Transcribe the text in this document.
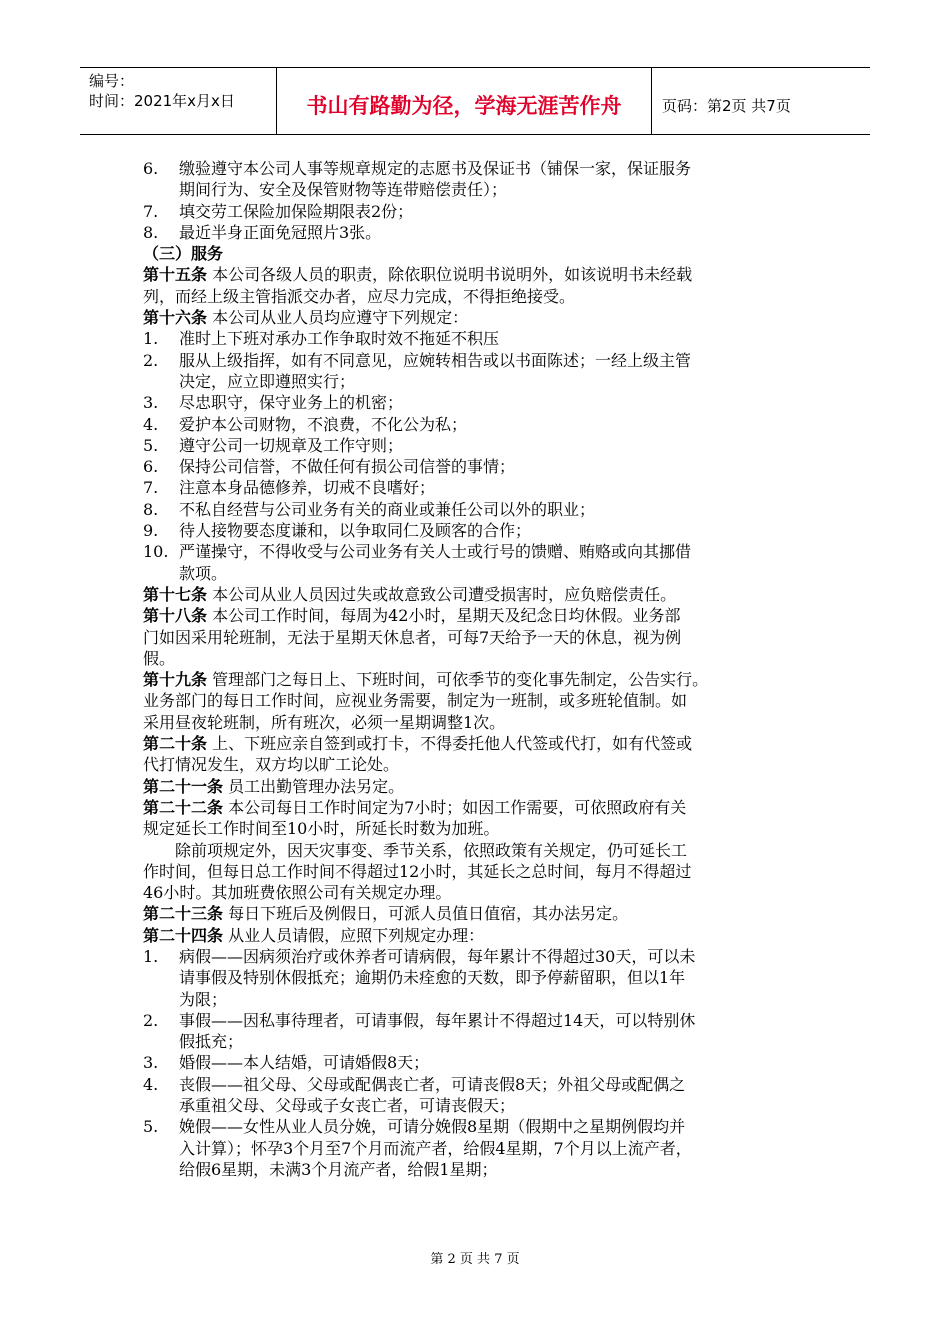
编号：
时间：2021年x月x日	书山有路勤为径，学海无涯苦作舟	页码：第2页 共7页
6.	缴验遵守本公司人事等规章规定的志愿书及保证书（铺保一家，保证服务
期间行为、安全及保管财物等连带赔偿责任）；
7.	填交劳工保险加保险期限表2份；
8.	最近半身正面免冠照片3张。

（三）服务

第十五条 本公司各级人员的职责，除依职位说明书说明外，如该说明书未经载

列，而经上级主管指派交办者，应尽力完成，不得拒绝接受。

第十六条 本公司从业人员均应遵守下列规定：

1.	准时上下班对承办工作争取时效不拖延不积压
2.	服从上级指挥，如有不同意见，应婉转相告或以书面陈述；一经上级主管
决定，应立即遵照实行；
3.	尽忠职守，保守业务上的机密；
4.	爱护本公司财物，不浪费，不化公为私；
5.	遵守公司一切规章及工作守则；
6.	保持公司信誉，不做任何有损公司信誉的事情；
7.	注意本身品德修养，切戒不良嗜好；
8.	不私自经营与公司业务有关的商业或兼任公司以外的职业；
9.	待人接物要态度谦和，以争取同仁及顾客的合作；
10. 严谨操守，不得收受与公司业务有关人士或行号的馈赠、贿赂或向其挪借
款项。

第十七条 本公司从业人员因过失或故意致公司遭受损害时，应负赔偿责任。

第十八条 本公司工作时间，每周为42小时，星期天及纪念日均休假。业务部

门如因采用轮班制，无法于星期天休息者，可每7天给予一天的休息，视为例

假。

第十九条 管理部门之每日上、下班时间，可依季节的变化事先制定，公告实行。

业务部门的每日工作时间，应视业务需要，制定为一班制，或多班轮值制。如

采用昼夜轮班制，所有班次，必须一星期调整1次。

第二十条 上、下班应亲自签到或打卡，不得委托他人代签或代打，如有代签或

代打情况发生，双方均以旷工论处。

第二十一条 员工出勤管理办法另定。

第二十二条 本公司每日工作时间定为7小时；如因工作需要，可依照政府有关

规定延长工作时间至10小时，所延长时数为加班。

除前项规定外，因天灾事变、季节关系，依照政策有关规定，仍可延长工

作时间，但每日总工作时间不得超过12小时，其延长之总时间，每月不得超过

46小时。其加班费依照公司有关规定办理。

第二十三条 每日下班后及例假日，可派人员值日值宿，其办法另定。

第二十四条 从业人员请假，应照下列规定办理：

1.	病假——因病须治疗或休养者可请病假，每年累计不得超过30天，可以未
请事假及特别休假抵充；逾期仍未痊愈的天数，即予停薪留职，但以1年
为限；
2.	事假——因私事待理者，可请事假，每年累计不得超过14天，可以特别休
假抵充；
3.	婚假——本人结婚，可请婚假8天；
4.	丧假——祖父母、父母或配偶丧亡者，可请丧假8天；外祖父母或配偶之
承重祖父母、父母或子女丧亡者，可请丧假天；
5.	娩假——女性从业人员分娩，可请分娩假8星期（假期中之星期例假均并
入计算）；怀孕3个月至7个月而流产者，给假4星期，7个月以上流产者，
给假6星期，未满3个月流产者，给假1星期；
第 2 页 共 7 页
